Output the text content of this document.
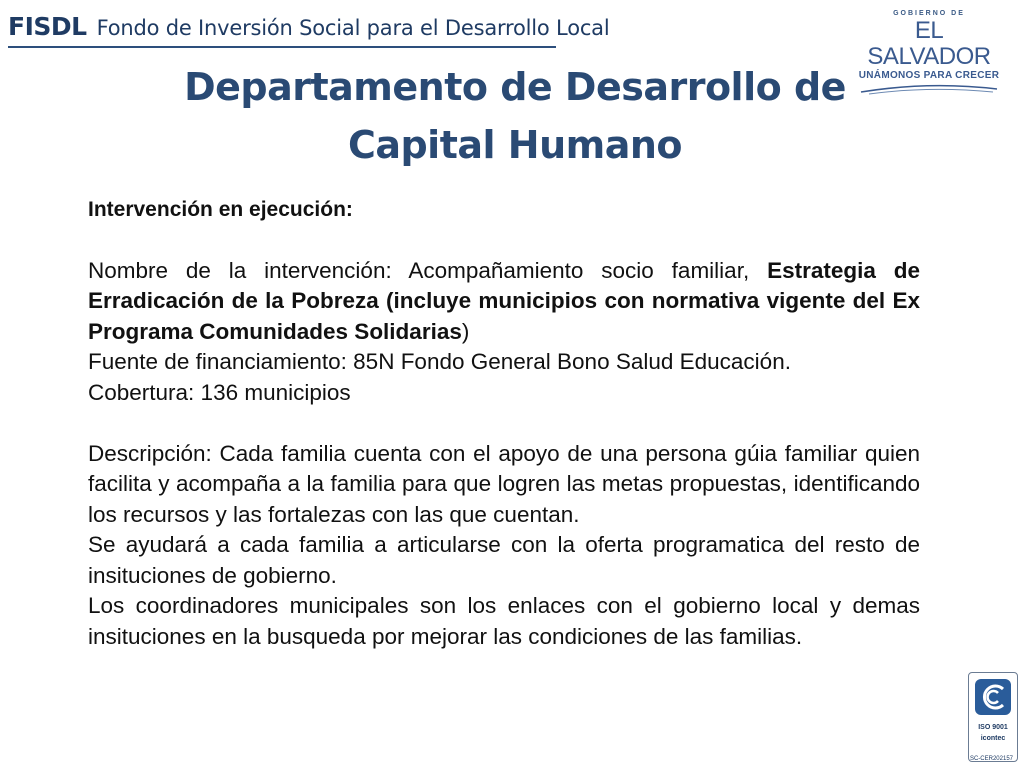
FISDL Fondo de Inversión Social para el Desarrollo Local
GOBIERNO DE
EL SALVADOR
UNÁMONOS PARA CRECER
Departamento de Desarrollo de
Capital Humano

Intervención en ejecución:

Nombre de la intervención: Acompañamiento socio familiar, Estrategia de Erradicación de la Pobreza (incluye municipios con normativa vigente del Ex Programa Comunidades Solidarias)

Fuente de financiamiento: 85N Fondo General Bono Salud Educación.

Cobertura: 136 municipios

Descripción: Cada familia cuenta con el apoyo de una persona gúia familiar quien facilita y acompaña a la familia para que logren las metas propuestas, identificando los recursos y las fortalezas con las que cuentan.

Se ayudará a cada familia a articularse con la oferta programatica del resto de insituciones de gobierno.

Los coordinadores municipales son los enlaces con el gobierno local y demas insituciones en la busqueda por mejorar las condiciones de las familias.

ISO 9001
icontec
SC-CER202157
